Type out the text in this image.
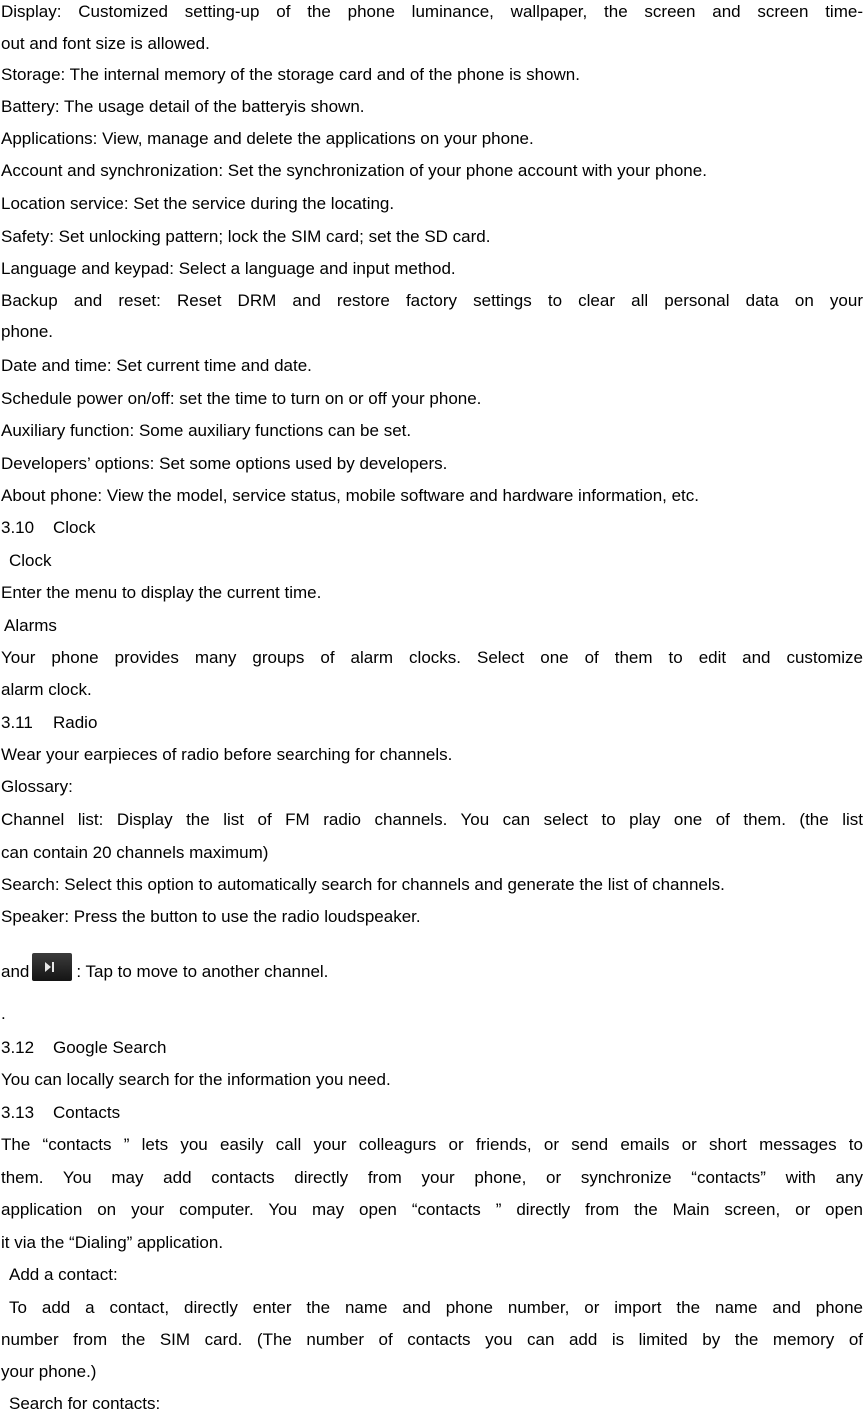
Display: Customized setting-up of the phone luminance, wallpaper, the screen and screen time-
out and font size is allowed.
Storage: The internal memory of the storage card and of the phone is shown.
Battery: The usage detail of the batteryis shown.
Applications: View, manage and delete the applications on your phone.
Account and synchronization: Set the synchronization of your phone account with your phone.
Location service: Set the service during the locating.
Safety: Set unlocking pattern; lock the SIM card; set the SD card.
Language and keypad: Select a language and input method.
Backup and reset: Reset DRM and restore factory settings to clear all personal data on your
phone.
Date and time: Set current time and date.
Schedule power on/off: set the time to turn on or off your phone.
Auxiliary function: Some auxiliary functions can be set.
Developers’ options: Set some options used by developers.
About phone: View the model, service status, mobile software and hardware information, etc.
3.10 Clock
Clock
Enter the menu to display the current time.
Alarms
Your phone provides many groups of alarm clocks. Select one of them to edit and customize
alarm clock.
3.11 Radio
Wear your earpieces of radio before searching for channels.
Glossary:
Channel list: Display the list of FM radio channels. You can select to play one of them. (the list
can contain 20 channels maximum)
Search: Select this option to automatically search for channels and generate the list of channels.
Speaker: Press the button to use the radio loudspeaker.
and	: Tap to move to another channel.
.
3.12 Google Search
You can locally search for the information you need.
3.13 Contacts
The “contacts ” lets you easily call your colleagurs or friends, or send emails or short messages to
them. You may add contacts directly from your phone, or synchronize “contacts” with any
application on your computer. You may open “contacts ” directly from the Main screen, or open
it via the “Dialing” application.
Add a contact:
To add a contact, directly enter the name and phone number, or import the name and phone
number from the SIM card. (The number of contacts you can add is limited by the memory of
your phone.)
Search for contacts:
